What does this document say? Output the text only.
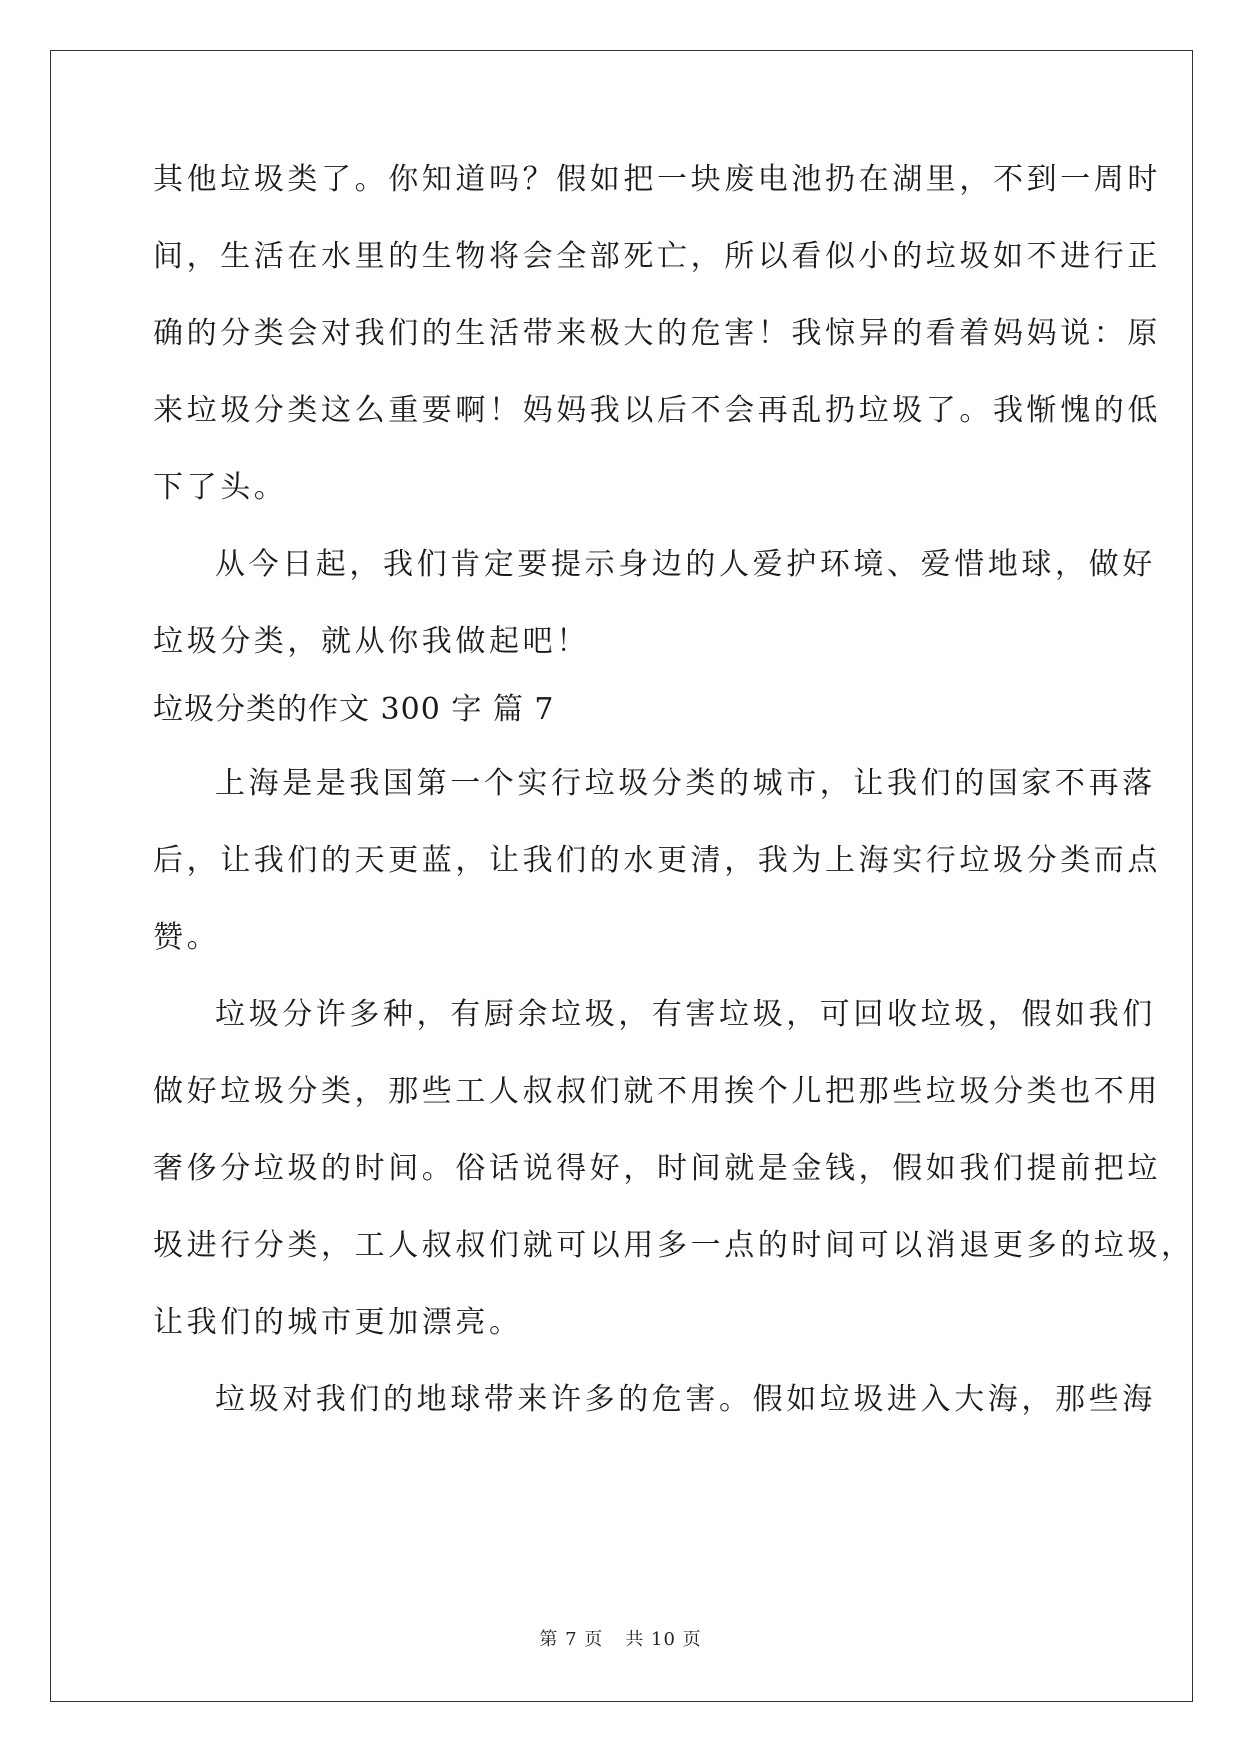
其他垃圾类了。你知道吗？假如把一块废电池扔在湖里，不到一周时
间，生活在水里的生物将会全部死亡，所以看似小的垃圾如不进行正
确的分类会对我们的生活带来极大的危害！我惊异的看着妈妈说：原
来垃圾分类这么重要啊！妈妈我以后不会再乱扔垃圾了。我惭愧的低
下了头。
从今日起，我们肯定要提示身边的人爱护环境、爱惜地球，做好
垃圾分类，就从你我做起吧！
垃圾分类的作文 300 字 篇 7
上海是是我国第一个实行垃圾分类的城市，让我们的国家不再落
后，让我们的天更蓝，让我们的水更清，我为上海实行垃圾分类而点
赞。
垃圾分许多种，有厨余垃圾，有害垃圾，可回收垃圾，假如我们
做好垃圾分类，那些工人叔叔们就不用挨个儿把那些垃圾分类也不用
奢侈分垃圾的时间。俗话说得好，时间就是金钱，假如我们提前把垃
圾进行分类，工人叔叔们就可以用多一点的时间可以消退更多的垃圾，
让我们的城市更加漂亮。
垃圾对我们的地球带来许多的危害。假如垃圾进入大海，那些海
第 7 页 共 10 页
